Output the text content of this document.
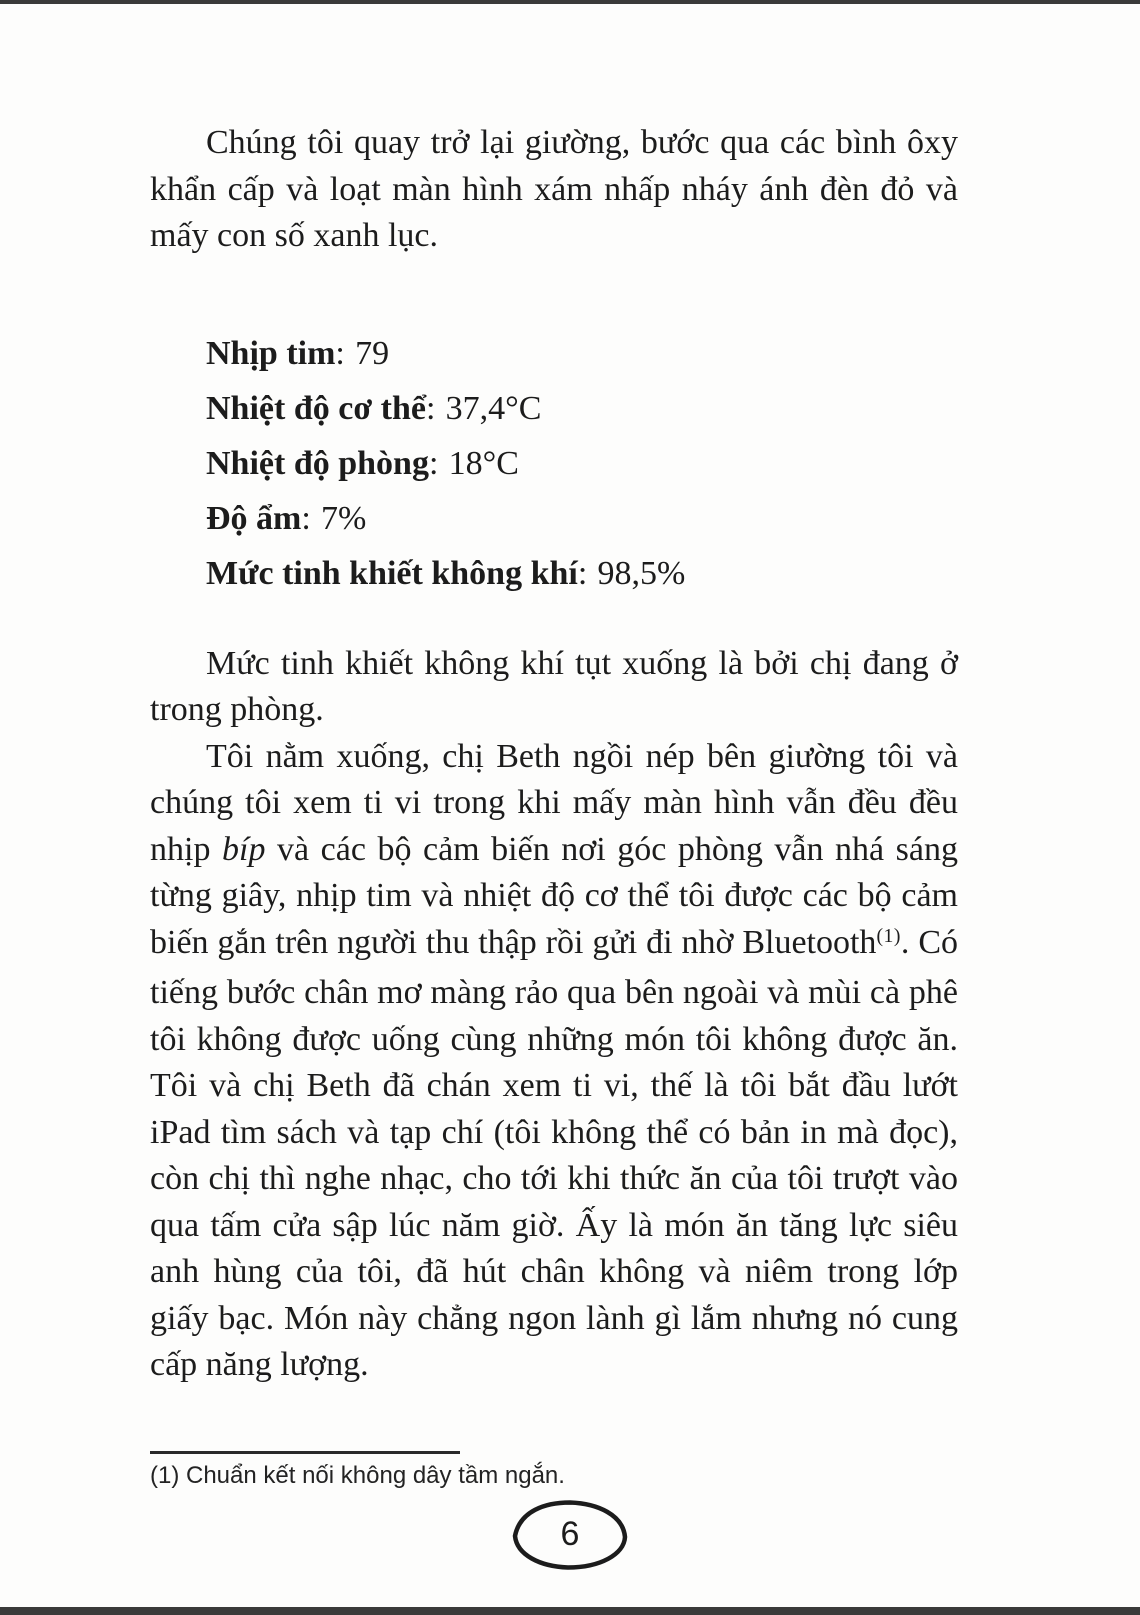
Chúng tôi quay trở lại giường, bước qua các bình ôxy khẩn cấp và loạt màn hình xám nhấp nháy ánh đèn đỏ và mấy con số xanh lục.

Nhịp tim: 79
Nhiệt độ cơ thể: 37,4°C
Nhiệt độ phòng: 18°C
Độ ẩm: 7%
Mức tinh khiết không khí: 98,5%

Mức tinh khiết không khí tụt xuống là bởi chị đang ở trong phòng.

Tôi nằm xuống, chị Beth ngồi nép bên giường tôi và chúng tôi xem ti vi trong khi mấy màn hình vẫn đều đều nhịp bíp và các bộ cảm biến nơi góc phòng vẫn nhá sáng từng giây, nhịp tim và nhiệt độ cơ thể tôi được các bộ cảm biến gắn trên người thu thập rồi gửi đi nhờ Bluetooth$^{(1)}$. Có tiếng bước chân mơ màng rảo qua bên ngoài và mùi cà phê tôi không được uống cùng những món tôi không được ăn. Tôi và chị Beth đã chán xem ti vi, thế là tôi bắt đầu lướt iPad tìm sách và tạp chí (tôi không thể có bản in mà đọc), còn chị thì nghe nhạc, cho tới khi thức ăn của tôi trượt vào qua tấm cửa sập lúc năm giờ. Ấy là món ăn tăng lực siêu anh hùng của tôi, đã hút chân không và niêm trong lớp giấy bạc. Món này chẳng ngon lành gì lắm nhưng nó cung cấp năng lượng.

(1) Chuẩn kết nối không dây tầm ngắn.
6
